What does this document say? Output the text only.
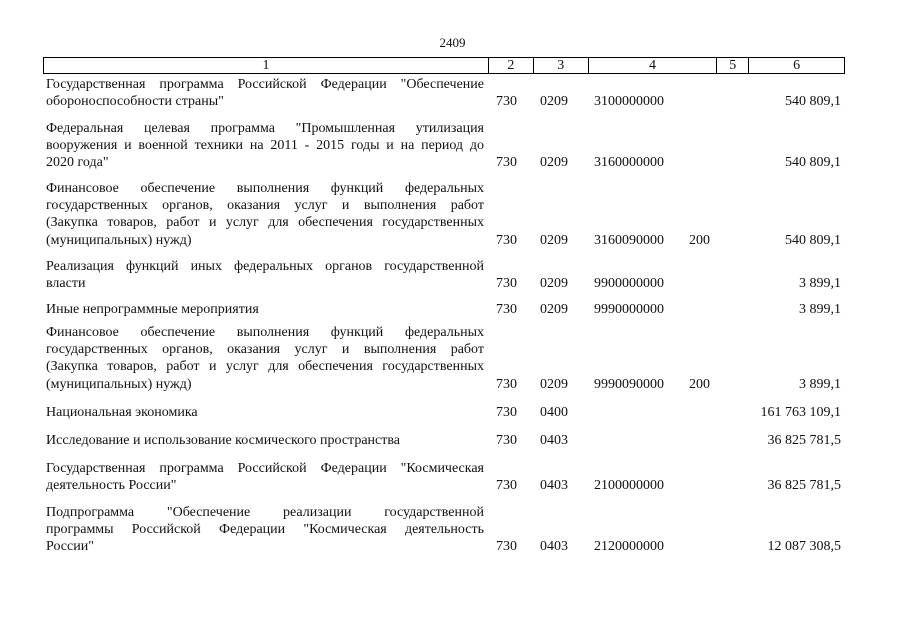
2409
1	2	3	4	5	6
Государственная программа Российской Федерации "Обеспечение
обороноспособности страны"	730 0209 3100000000	540 809,1
Федеральная целевая программа "Промышленная утилизация
вооружения и военной техники на 2011 - 2015 годы и на период до
2020 года"	730 0209 3160000000	540 809,1
Финансовое обеспечение выполнения функций федеральных
государственных органов, оказания услуг и выполнения работ
(Закупка товаров, работ и услуг для обеспечения государственных
(муниципальных) нужд)	730 0209 3160090000 200	540 809,1
Реализация функций иных федеральных органов государственной
власти	730 0209 9900000000	3 899,1
Иные непрограммные мероприятия	730 0209 9990000000	3 899,1
Финансовое обеспечение выполнения функций федеральных
государственных органов, оказания услуг и выполнения работ
(Закупка товаров, работ и услуг для обеспечения государственных
(муниципальных) нужд)	730 0209 9990090000 200	3 899,1
Национальная экономика	730 0400	161 763 109,1
Исследование и использование космического пространства	730 0403	36 825 781,5
Государственная программа Российской Федерации "Космическая
деятельность России"	730 0403 2100000000	36 825 781,5
Подпрограмма "Обеспечение реализации государственной
программы Российской Федерации "Космическая деятельность
России"	730 0403 2120000000	12 087 308,5
